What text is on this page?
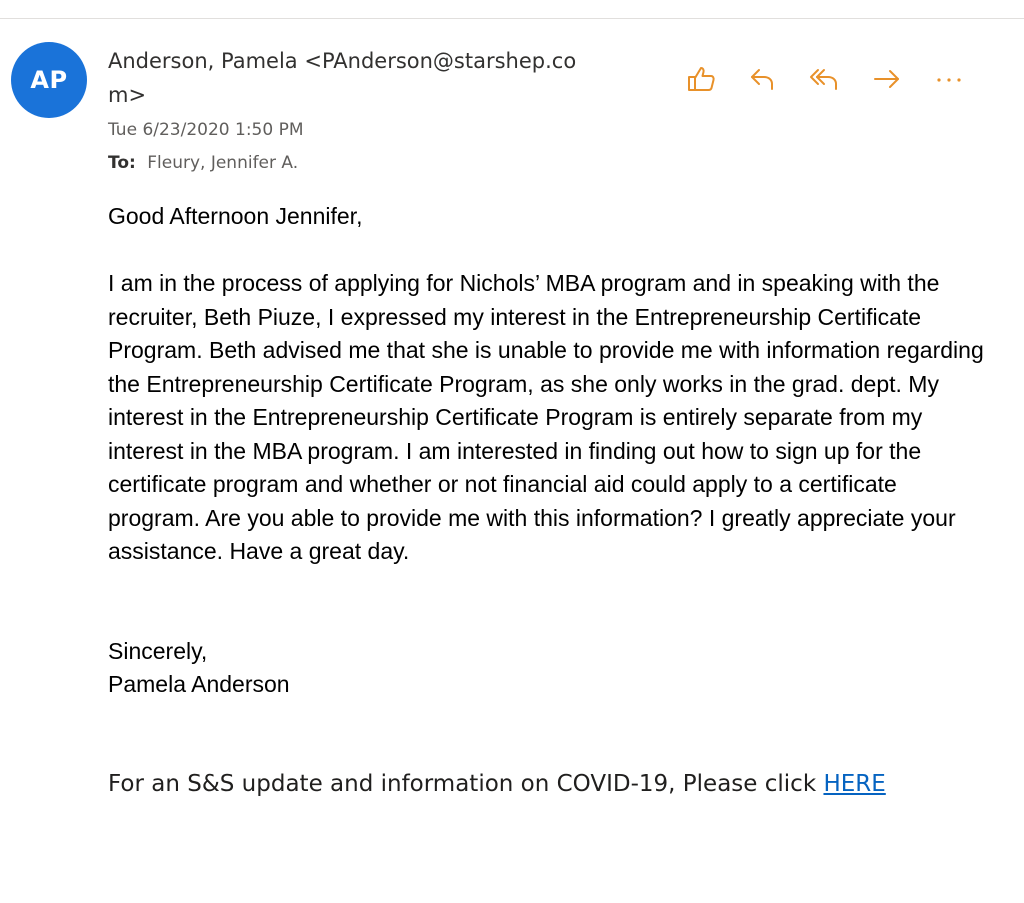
AP
Anderson, Pamela <PAnderson@starshep.com>
Tue 6/23/2020 1:50 PM
To: Fleury, Jennifer A.

Good Afternoon Jennifer,

I am in the process of applying for Nichols’ MBA program and in speaking with the recruiter, Beth Piuze, I expressed my interest in the Entrepreneurship Certificate Program. Beth advised me that she is unable to provide me with information regarding the Entrepreneurship Certificate Program, as she only works in the grad. dept. My interest in the Entrepreneurship Certificate Program is entirely separate from my interest in the MBA program. I am interested in finding out how to sign up for the certificate program and whether or not financial aid could apply to a certificate program. Are you able to provide me with this information? I greatly appreciate your assistance. Have a great day.

Sincerely,

Pamela Anderson

For an S&S update and information on COVID-19, Please click HERE
